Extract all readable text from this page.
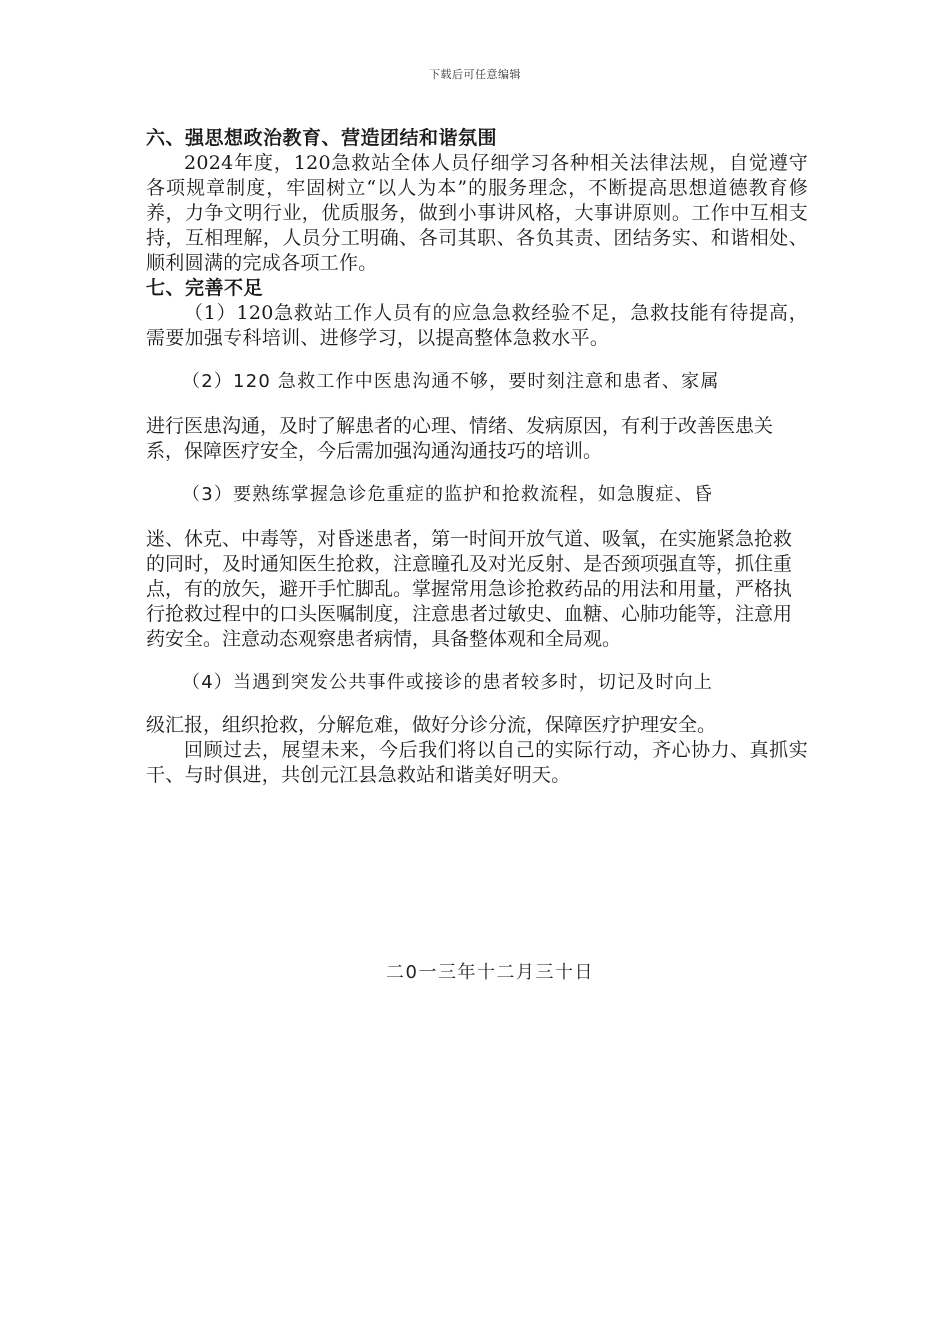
下载后可任意编辑

六、强思想政治教育、营造团结和谐氛围

2024年度，120急救站全体人员仔细学习各种相关法律法规，自觉遵守各项规章制度，牢固树立“以人为本”的服务理念，不断提高思想道德教育修养，力争文明行业，优质服务，做到小事讲风格，大事讲原则。工作中互相支持，互相理解，人员分工明确、各司其职、各负其责、团结务实、和谐相处、顺利圆满的完成各项工作。

七、完善不足

（1）120急救站工作人员有的应急急救经验不足，急救技能有待提高，需要加强专科培训、进修学习，以提高整体急救水平。

（2）120 急救工作中医患沟通不够，要时刻注意和患者、家属
进行医患沟通，及时了解患者的心理、情绪、发病原因，有利于改善医患关系，保障医疗安全，今后需加强沟通沟通技巧的培训。
（3）要熟练掌握急诊危重症的监护和抢救流程，如急腹症、昏
迷、休克、中毒等，对昏迷患者，第一时间开放气道、吸氧，在实施紧急抢救的同时，及时通知医生抢救，注意瞳孔及对光反射、是否颈项强直等，抓住重点，有的放矢，避开手忙脚乱。掌握常用急诊抢救药品的用法和用量，严格执行抢救过程中的口头医嘱制度，注意患者过敏史、血糖、心肺功能等，注意用药安全。注意动态观察患者病情，具备整体观和全局观。
（4）当遇到突发公共事件或接诊的患者较多时，切记及时向上
级汇报，组织抢救，分解危难，做好分诊分流，保障医疗护理安全。

回顾过去，展望未来，今后我们将以自己的实际行动，齐心协力、真抓实干、与时俱进，共创元江县急救站和谐美好明天。

二0一三年十二月三十日
